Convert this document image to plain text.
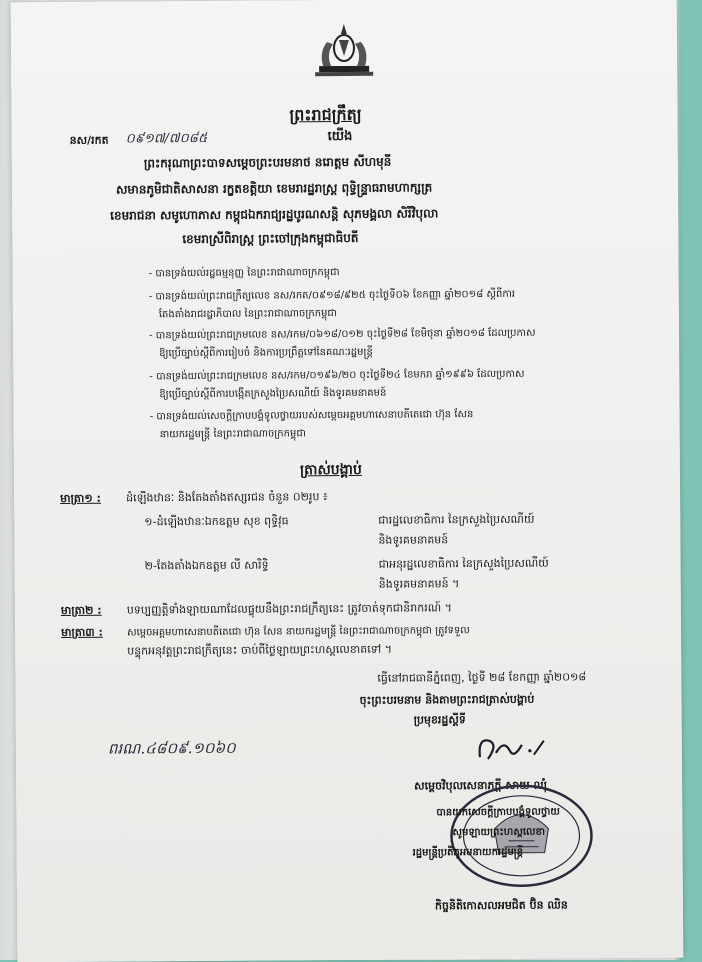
ព្រះរាជក្រឹត្យ
យើង
នស/រកត ០៩១៧/៧០៨៥
ព្រះករុណាព្រះបាទសម្ដេចព្រះបរមនាថ នរោត្ដម សីហមុនី
សមានភូមិជាតិសាសនា រក្ខតខត្តិយា ខេមរារដ្ឋរាស្ត្រ ពុទ្ធិន្ទ្រាធរាមហាក្សត្រ
ខេមរាជនា សមូហោភាស កម្ពុជឯករាជ្យរដ្ឋបូរណសន្តិ សុភមង្គលា សិរីវិបុលា
ខេមរាស្រីពិរាស្ត្រ ព្រះចៅក្រុងកម្ពុជាធិបតី
- បានទ្រង់យល់រដ្ឋធម្មនុញ្ញ នៃព្រះរាជាណាចក្រកម្ពុជា
- បានទ្រង់យល់ព្រះរាជក្រឹត្យលេខ នស/រកត/០៩១៨/៩២៥ ចុះថ្ងៃទី០៦ ខែកញ្ញា ឆ្នាំ២០១៨ ស្ដីពីការ
តែងតាំងរាជរដ្ឋាភិបាល នៃព្រះរាជាណាចក្រកម្ពុជា
- បានទ្រង់យល់ព្រះរាជក្រមលេខ នស/រកម/០៦១៨/០១២ ចុះថ្ងៃទី២៨ ខែមិថុនា ឆ្នាំ២០១៨ ដែលប្រកាស
ឱ្យប្រើច្បាប់ស្ដីពីការរៀបចំ និងការប្រព្រឹត្តទៅនៃគណៈរដ្ឋមន្ត្រី
- បានទ្រង់យល់ព្រះរាជក្រមលេខ នស/រកម/០១៩៦/២០ ចុះថ្ងៃទី២៤ ខែមករា ឆ្នាំ១៩៩៦ ដែលប្រកាស
ឱ្យប្រើច្បាប់ស្ដីពីការបង្កើតក្រសួងប្រៃសណីយ៍ និងទូរគមនាគមន៍
- បានទ្រង់យល់សេចក្ដីក្រាបបង្គំទូលថ្វាយរបស់សម្ដេចអគ្គមហាសេនាបតីតេជោ ហ៊ុន សែន
នាយករដ្ឋមន្ត្រី នៃព្រះរាជាណាចក្រកម្ពុជា
ត្រាស់បង្គាប់
មាត្រា១ : ដំឡើងឋានៈ និងតែងតាំងឥស្សរជន ចំនួន ០២រូប ៖
១-ដំឡើងឋានៈឯកឧត្ដម សុខ ពុទ្ធិវុធ	ជារដ្ឋលេខាធិការ នៃក្រសួងប្រៃសណីយ៍
និងទូរគមនាគមន៍
២-តែងតាំងឯកឧត្ដម លី សារិទ្ធិ	ជាអនុរដ្ឋលេខាធិការ នៃក្រសួងប្រៃសណីយ៍
និងទូរគមនាគមន៍ ។
មាត្រា២ : បទប្បញ្ញត្តិទាំងឡាយណាដែលផ្ទុយនឹងព្រះរាជក្រឹត្យនេះ ត្រូវចាត់ទុកជានិរាករណ៍ ។
មាត្រា៣ : សម្ដេចអគ្គមហាសេនាបតីតេជោ ហ៊ុន សែន នាយករដ្ឋមន្ត្រី នៃព្រះរាជាណាចក្រកម្ពុជា ត្រូវទទួល
បន្ទុកអនុវត្តព្រះរាជក្រឹត្យនេះ ចាប់ពីថ្ងៃឡាយព្រះហស្តលេខាតទៅ ។
ធ្វើនៅរាជធានីភ្នំពេញ, ថ្ងៃទី ២៨ ខែកញ្ញា ឆ្នាំ២០១៨
ចុះព្រះបរមនាម និងតាមព្រះរាជត្រាស់បង្គាប់
ប្រមុខរដ្ឋស្ដីទី
ពរណ.៤៨០៩.១០៦០
សម្ដេចវិបុលសេនាភក្ដី សាយ ឈុំ
បានយកសេចក្ដីក្រាបបង្គំទូលថ្វាយ
សូមឡាយព្រះហស្តលេខា
រដ្ឋមន្ត្រីប្រតិភូអមនាយករដ្ឋមន្ត្រី
កិច្ចនិតិកោសលអមជិត ប៊ិន ឈិន
